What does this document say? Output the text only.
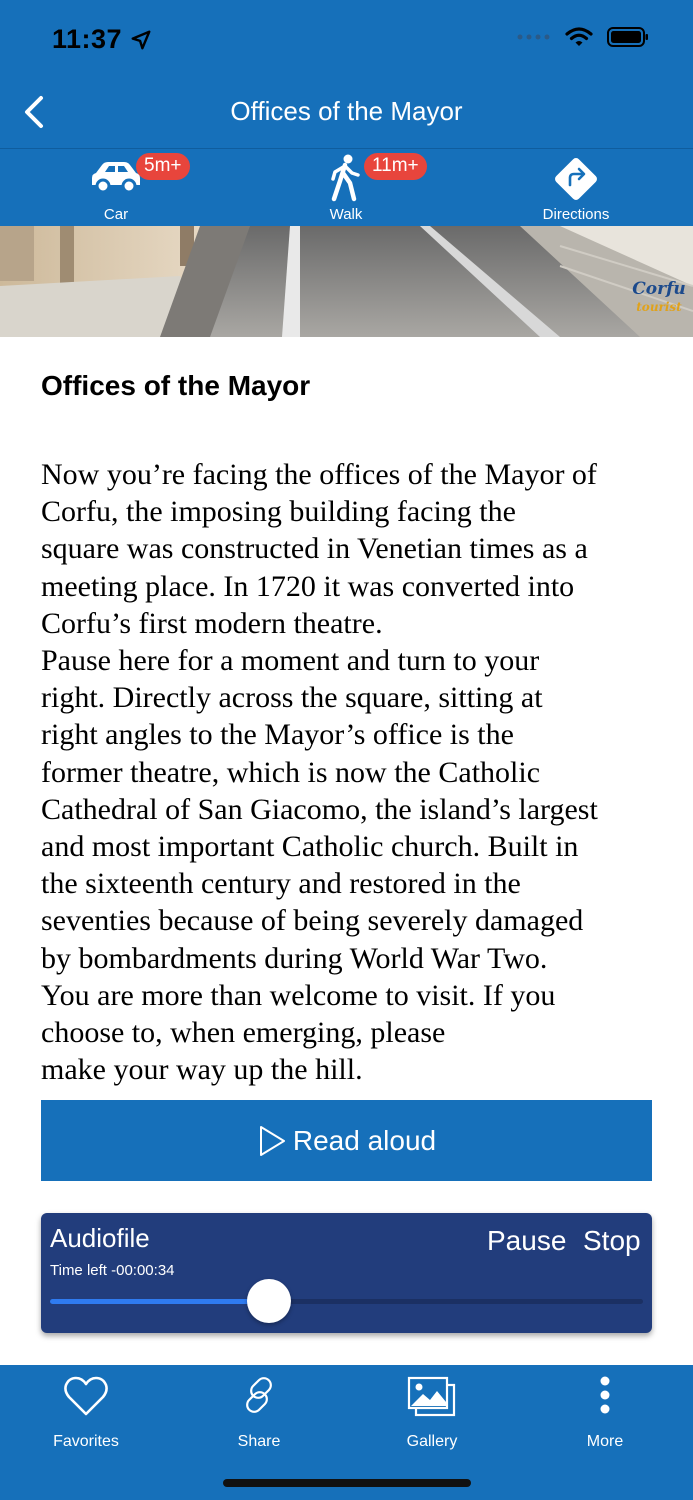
11:37
Offices of the Mayor
5m+
Car
11m+
Walk	Directions
Corfu
tourist
Offices of the Mayor
Now you’re facing the offices of the Mayor of
Corfu, the imposing building facing the
square was constructed in Venetian times as a
meeting place. In 1720 it was converted into
Corfu’s first modern theatre.
Pause here for a moment and turn to your
right. Directly across the square, sitting at
right angles to the Mayor’s office is the
former theatre, which is now the Catholic
Cathedral of San Giacomo, the island’s largest
and most important Catholic church. Built in
the sixteenth century and restored in the
seventies because of being severely damaged
by bombardments during World War Two.
You are more than welcome to visit. If you
choose to, when emerging, please
make your way up the hill.
Read aloud
Audiofile
Time left -00:00:34
Pause Stop
Favorites	Share	Gallery	More
